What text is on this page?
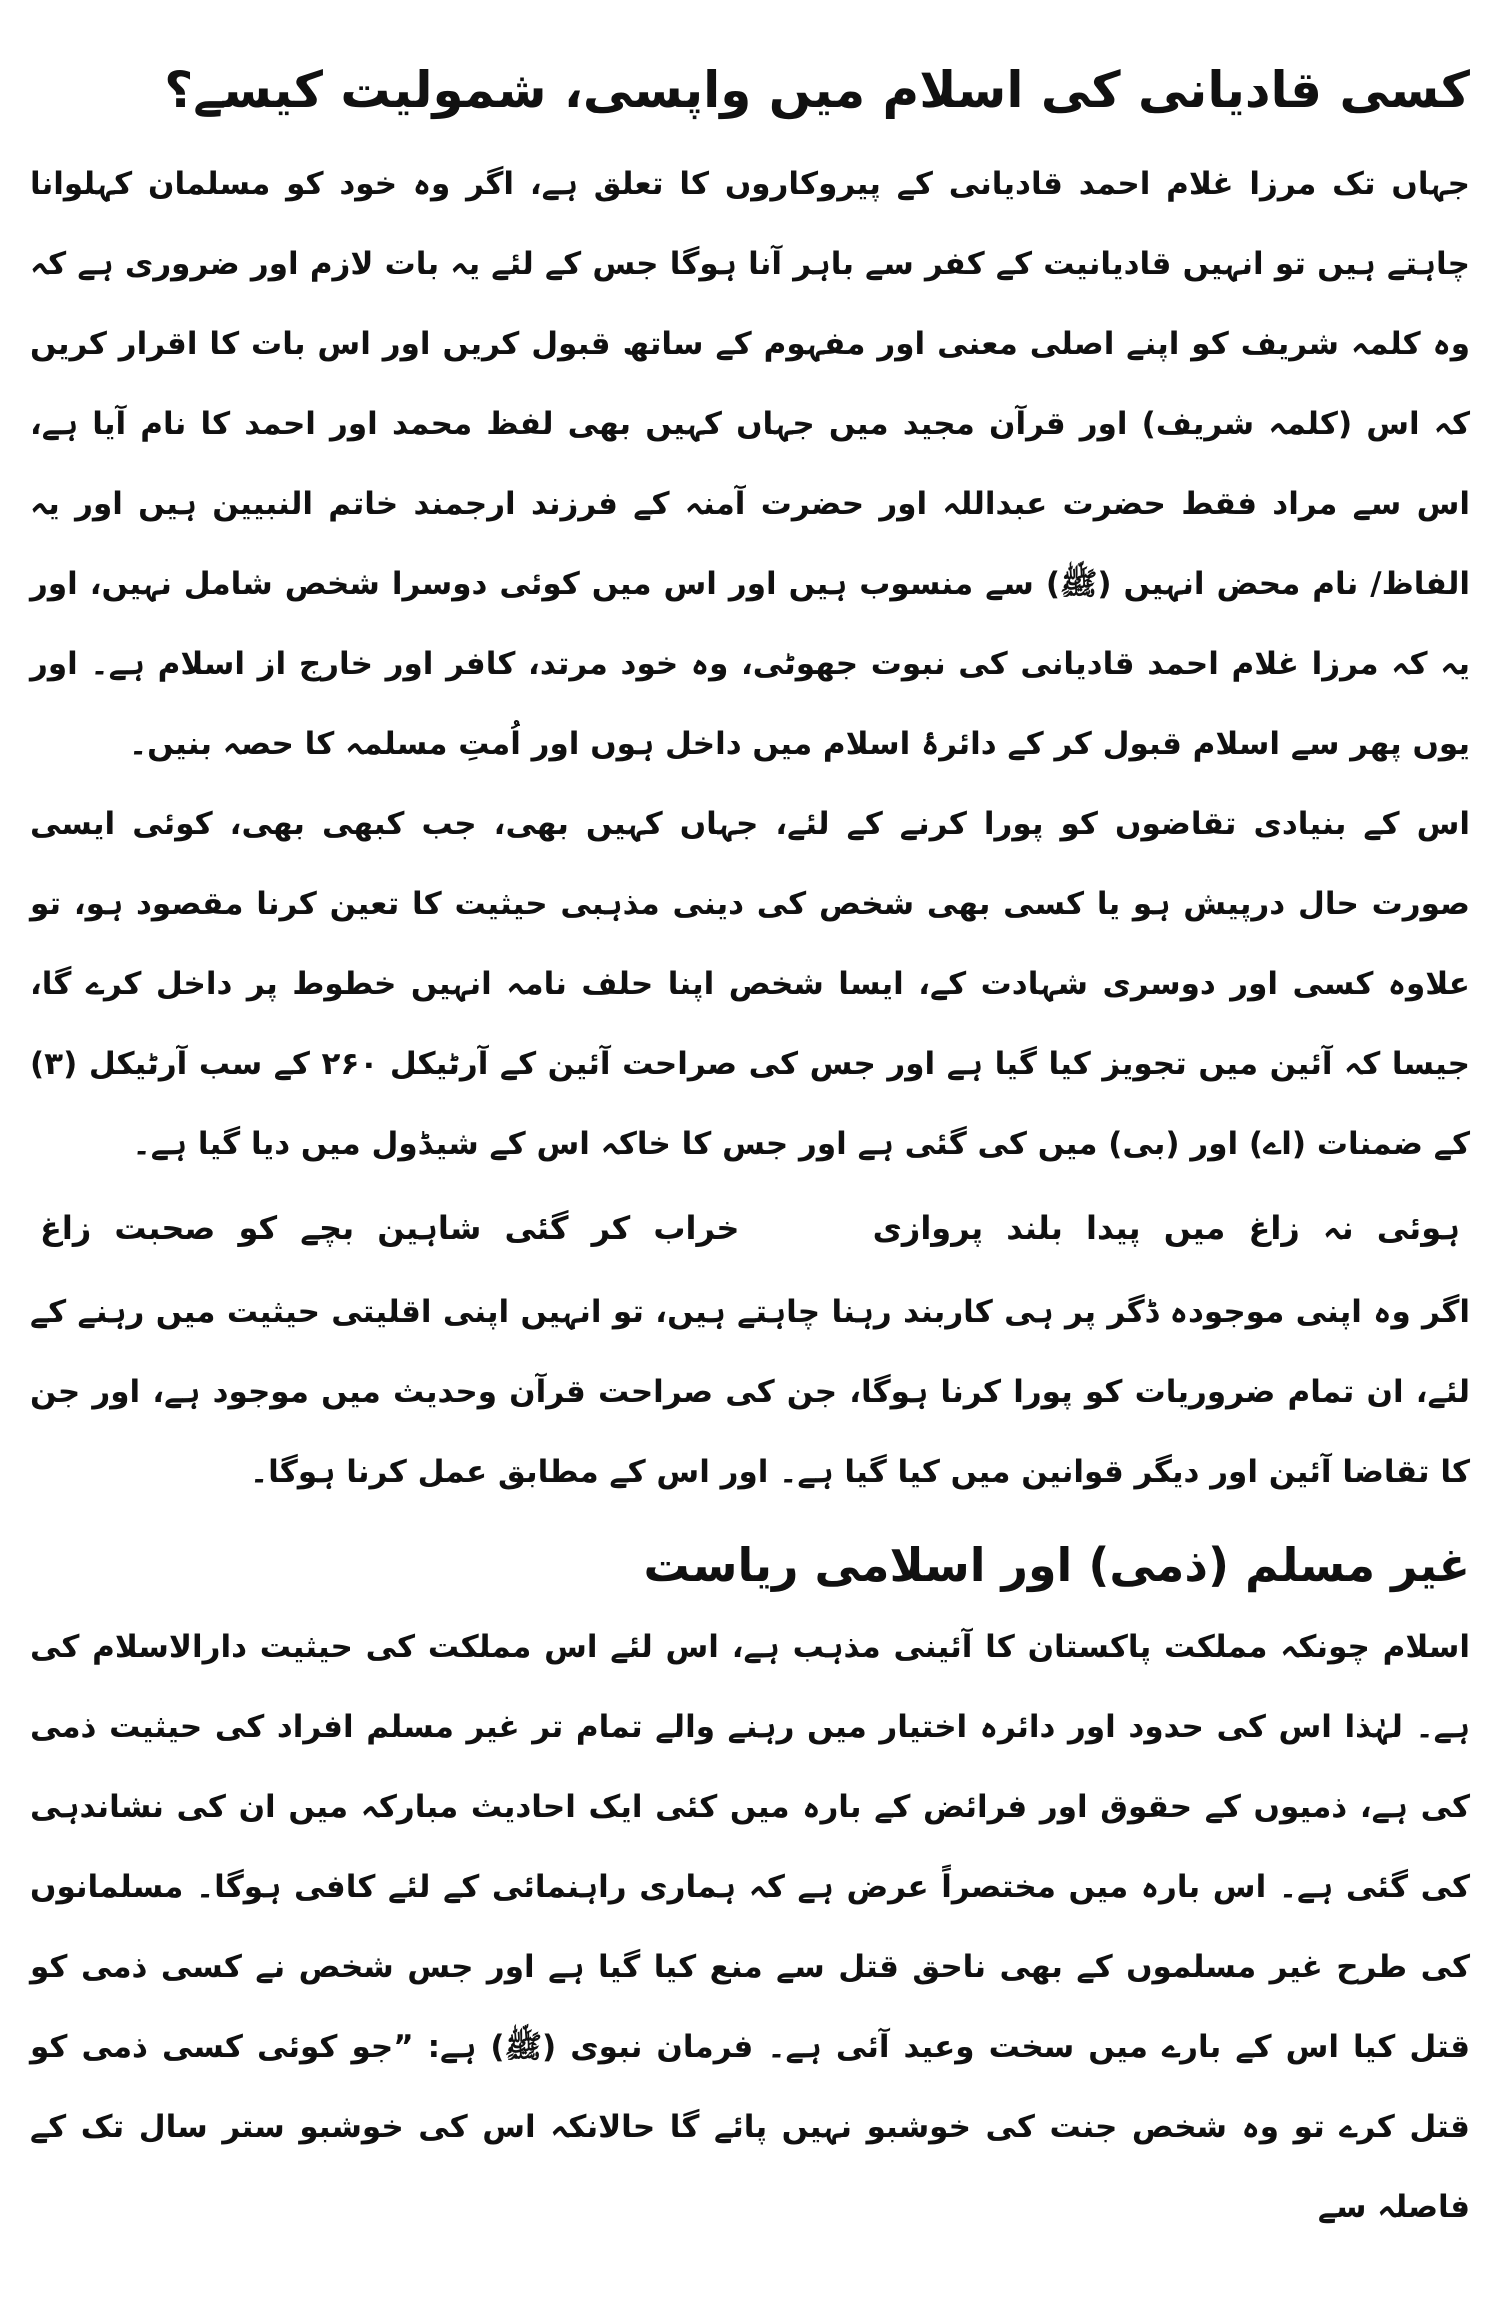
کسی قادیانی کی اسلام میں واپسی، شمولیت کیسے؟

جہاں تک مرزا غلام احمد قادیانی کے پیروکاروں کا تعلق ہے، اگر وہ خود کو مسلمان کہلوانا چاہتے ہیں تو انہیں قادیانیت کے کفر سے باہر آنا ہوگا جس کے لئے یہ بات لازم اور ضروری ہے کہ وہ کلمہ شریف کو اپنے اصلی معنی اور مفہوم کے ساتھ قبول کریں اور اس بات کا اقرار کریں کہ اس (کلمہ شریف) اور قرآن مجید میں جہاں کہیں بھی لفظ محمد اور احمد کا نام آیا ہے، اس سے مراد فقط حضرت عبداللہ اور حضرت آمنہ کے فرزند ارجمند خاتم النبیین ہیں اور یہ الفاظ/ نام محض انہیں (ﷺ) سے منسوب ہیں اور اس میں کوئی دوسرا شخص شامل نہیں، اور یہ کہ مرزا غلام احمد قادیانی کی نبوت جھوٹی، وہ خود مرتد، کافر اور خارج از اسلام ہے۔ اور یوں پھر سے اسلام قبول کر کے دائرۂ اسلام میں داخل ہوں اور اُمتِ مسلمہ کا حصہ بنیں۔

اس کے بنیادی تقاضوں کو پورا کرنے کے لئے، جہاں کہیں بھی، جب کبھی بھی، کوئی ایسی صورت حال درپیش ہو یا کسی بھی شخص کی دینی مذہبی حیثیت کا تعین کرنا مقصود ہو، تو علاوہ کسی اور دوسری شہادت کے، ایسا شخص اپنا حلف نامہ انہیں خطوط پر داخل کرے گا، جیسا کہ آئین میں تجویز کیا گیا ہے اور جس کی صراحت آئین کے آرٹیکل ۲۶۰ کے سب آرٹیکل (۳) کے ضمنات (اے) اور (بی) میں کی گئی ہے اور جس کا خاکہ اس کے شیڈول میں دیا گیا ہے۔

ہوئی نہ زاغ میں پیدا بلند پروازی
خراب کر گئی شاہین بچے کو صحبت زاغ

اگر وہ اپنی موجودہ ڈگر پر ہی کاربند رہنا چاہتے ہیں، تو انہیں اپنی اقلیتی حیثیت میں رہنے کے لئے، ان تمام ضروریات کو پورا کرنا ہوگا، جن کی صراحت قرآن وحدیث میں موجود ہے، اور جن کا تقاضا آئین اور دیگر قوانین میں کیا گیا ہے۔ اور اس کے مطابق عمل کرنا ہوگا۔

غیر مسلم (ذمی) اور اسلامی ریاست

اسلام چونکہ مملکت پاکستان کا آئینی مذہب ہے، اس لئے اس مملکت کی حیثیت دارالاسلام کی ہے۔ لہٰذا اس کی حدود اور دائرہ اختیار میں رہنے والے تمام تر غیر مسلم افراد کی حیثیت ذمی کی ہے، ذمیوں کے حقوق اور فرائض کے بارہ میں کئی ایک احادیث مبارکہ میں ان کی نشاندہی کی گئی ہے۔ اس بارہ میں مختصراً عرض ہے کہ ہماری راہنمائی کے لئے کافی ہوگا۔ مسلمانوں کی طرح غیر مسلموں کے بھی ناحق قتل سے منع کیا گیا ہے اور جس شخص نے کسی ذمی کو قتل کیا اس کے بارے میں سخت وعید آئی ہے۔ فرمان نبوی (ﷺ) ہے: ”جو کوئی کسی ذمی کو قتل کرے تو وہ شخص جنت کی خوشبو نہیں پائے گا حالانکہ اس کی خوشبو ستر سال تک کے فاصلہ سے
